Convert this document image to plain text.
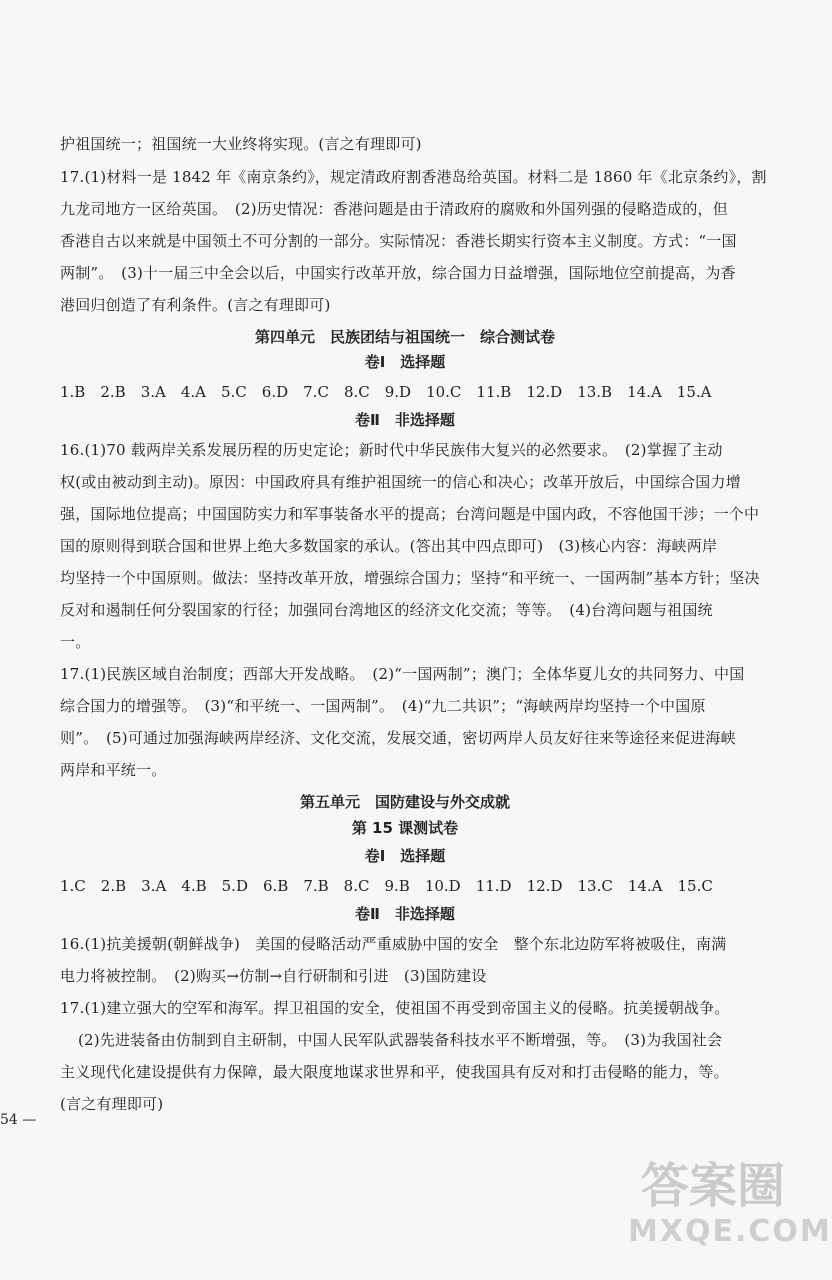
护祖国统一；祖国统一大业终将实现。(言之有理即可)
17.(1)材料一是 1842 年《南京条约》，规定清政府割香港岛给英国。材料二是 1860 年《北京条约》，割
九龙司地方一区给英国。　(2)历史情况：香港问题是由于清政府的腐败和外国列强的侵略造成的，但
香港自古以来就是中国领土不可分割的一部分。实际情况：香港长期实行资本主义制度。方式：“一国
两制”。　(3)十一届三中全会以后，中国实行改革开放，综合国力日益增强，国际地位空前提高，为香
港回归创造了有利条件。(言之有理即可)
第四单元　民族团结与祖国统一　综合测试卷
卷Ⅰ　选择题
1.B 2.B 3.A 4.A 5.C 6.D 7.C 8.C 9.D 10.C 11.B 12.D 13.B 14.A 15.A
卷Ⅱ　非选择题
16.(1)70 载两岸关系发展历程的历史定论；新时代中华民族伟大复兴的必然要求。　(2)掌握了主动
权(或由被动到主动)。原因：中国政府具有维护祖国统一的信心和决心；改革开放后，中国综合国力增
强，国际地位提高；中国国防实力和军事装备水平的提高；台湾问题是中国内政，不容他国干涉；一个中
国的原则得到联合国和世界上绝大多数国家的承认。(答出其中四点即可)　(3)核心内容：海峡两岸
均坚持一个中国原则。做法：坚持改革开放，增强综合国力；坚持“和平统一、一国两制”基本方针；坚决
反对和遏制任何分裂国家的行径；加强同台湾地区的经济文化交流；等等。　(4)台湾问题与祖国统
一。
17.(1)民族区域自治制度；西部大开发战略。　(2)“一国两制”；澳门；全体华夏儿女的共同努力、中国
综合国力的增强等。　(3)“和平统一、一国两制”。　(4)“九二共识”；“海峡两岸均坚持一个中国原
则”。　(5)可通过加强海峡两岸经济、文化交流，发展交通，密切两岸人员友好往来等途径来促进海峡
两岸和平统一。
第五单元　国防建设与外交成就
第 15 课测试卷
卷Ⅰ　选择题
1.C 2.B 3.A 4.B 5.D 6.B 7.B 8.C 9.B 10.D 11.D 12.D 13.C 14.A 15.C
卷Ⅱ　非选择题
16.(1)抗美援朝(朝鲜战争)　美国的侵略活动严重威胁中国的安全　整个东北边防军将被吸住，南满
电力将被控制。　(2)购买→仿制→自行研制和引进　(3)国防建设
17.(1)建立强大的空军和海军。捍卫祖国的安全，使祖国不再受到帝国主义的侵略。抗美援朝战争。
(2)先进装备由仿制到自主研制，中国人民军队武器装备科技水平不断增强，等。　(3)为我国社会
主义现代化建设提供有力保障，最大限度地谋求世界和平，使我国具有反对和打击侵略的能力，等。
(言之有理即可)
54 —
答案圈
MXQE.COM
